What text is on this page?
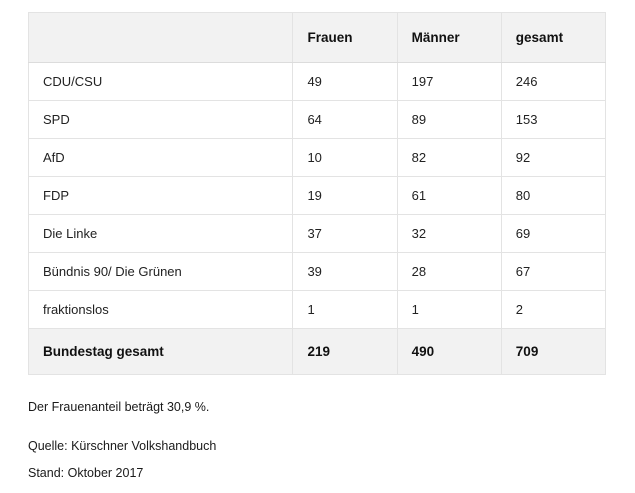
	Frauen	Männer	gesamt
CDU/CSU	49	197	246
SPD	64	89	153
AfD	10	82	92
FDP	19	61	80
Die Linke	37	32	69
Bündnis 90/ Die Grünen	39	28	67
fraktionslos	1	1	2
Bundestag gesamt	219	490	709
Der Frauenanteil beträgt 30,9 %.
Quelle: Kürschner Volkshandbuch
Stand: Oktober 2017
